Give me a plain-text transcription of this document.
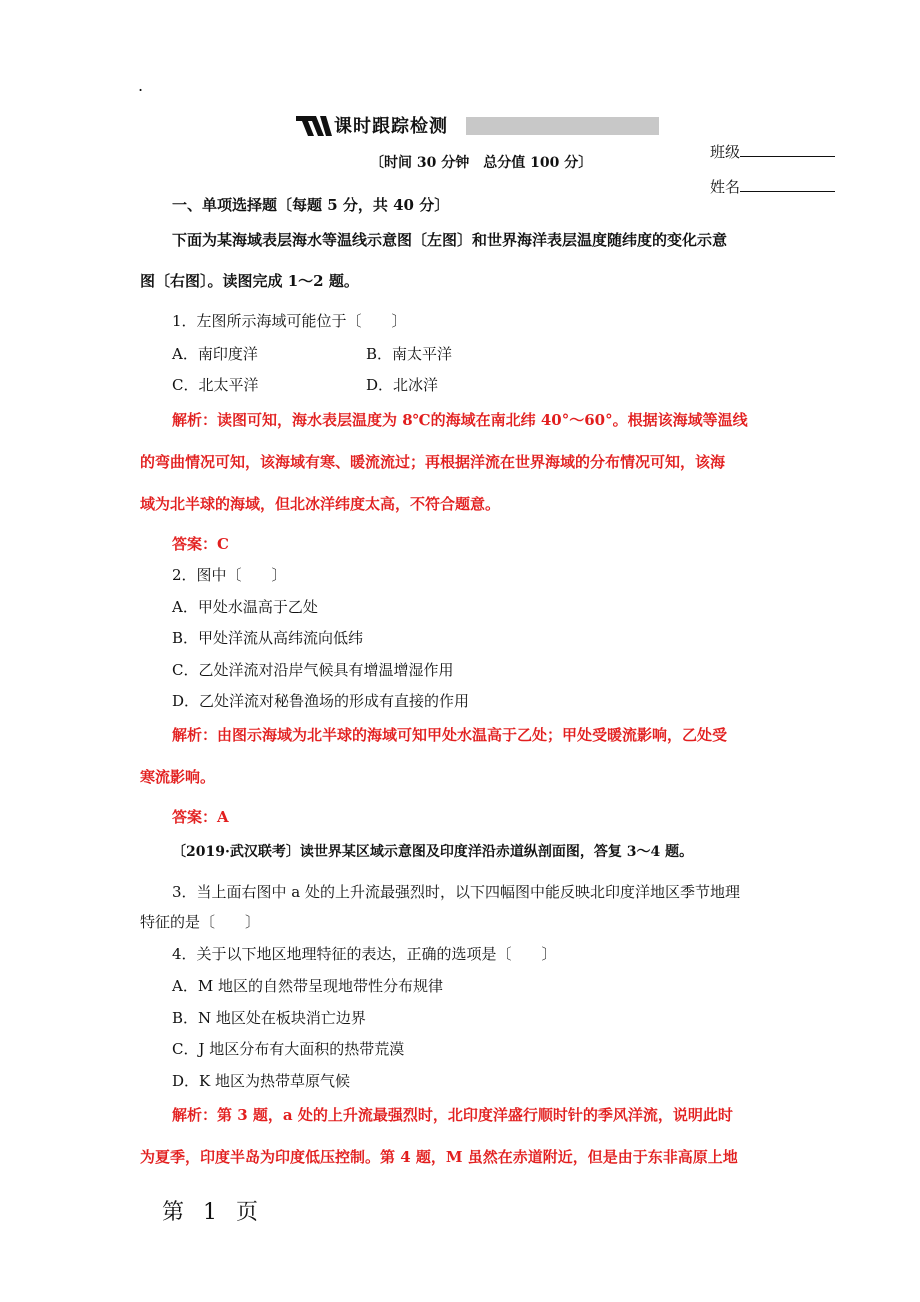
.
课时跟踪检测
〔时间 30 分钟　总分值 100 分〕
班级
姓名
一、单项选择题〔每题 5 分，共 40 分〕
下面为某海域表层海水等温线示意图〔左图〕和世界海洋表层温度随纬度的变化示意
图〔右图〕。读图完成 1～2 题。
1．左图所示海域可能位于〔　　〕
A．南印度洋	B．南太平洋
C．北太平洋	D．北冰洋
解析：读图可知，海水表层温度为 8℃的海域在南北纬 40°～60°。根据该海域等温线
的弯曲情况可知，该海域有寒、暖流流过；再根据洋流在世界海域的分布情况可知，该海
域为北半球的海域，但北冰洋纬度太高，不符合题意。
答案：C
2．图中〔　　〕
A．甲处水温高于乙处
B．甲处洋流从高纬流向低纬
C．乙处洋流对沿岸气候具有增温增湿作用
D．乙处洋流对秘鲁渔场的形成有直接的作用
解析：由图示海域为北半球的海域可知甲处水温高于乙处；甲处受暖流影响，乙处受
寒流影响。
答案：A
〔2019·武汉联考〕读世界某区域示意图及印度洋沿赤道纵剖面图，答复 3～4 题。
3．当上面右图中 a 处的上升流最强烈时，以下四幅图中能反映北印度洋地区季节地理
特征的是〔　　〕
4．关于以下地区地理特征的表达，正确的选项是〔　　〕
A．M 地区的自然带呈现地带性分布规律
B．N 地区处在板块消亡边界
C．J 地区分布有大面积的热带荒漠
D．K 地区为热带草原气候
解析：第 3 题，a 处的上升流最强烈时，北印度洋盛行顺时针的季风洋流，说明此时
为夏季，印度半岛为印度低压控制。第 4 题，M 虽然在赤道附近，但是由于东非高原上地
第 1 页
